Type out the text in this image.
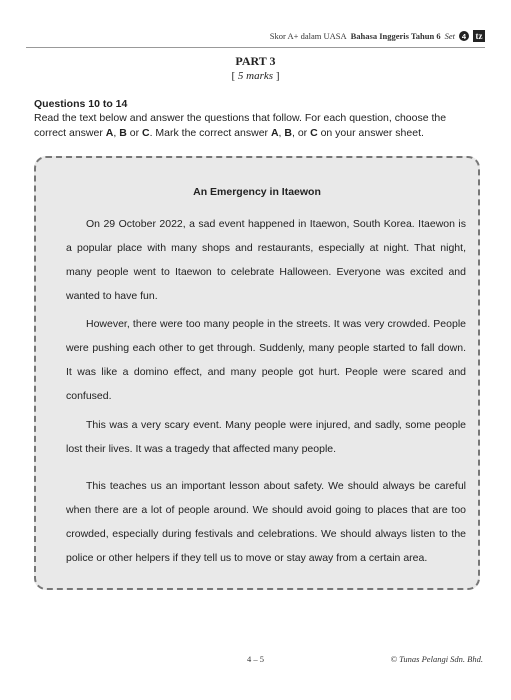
Skor A+ dalam UASA Bahasa Inggeris Tahun 6 Set 4	tz
PART 3
[ 5 marks ]
Questions 10 to 14
Read the text below and answer the questions that follow. For each question, choose the correct answer A, B or C. Mark the correct answer A, B, or C on your answer sheet.
An Emergency in Itaewon
On 29 October 2022, a sad event happened in Itaewon, South Korea. Itaewon is a popular place with many shops and restaurants, especially at night. That night, many people went to Itaewon to celebrate Halloween. Everyone was excited and wanted to have fun.
However, there were too many people in the streets. It was very crowded. People were pushing each other to get through. Suddenly, many people started to fall down. It was like a domino effect, and many people got hurt. People were scared and confused.
This was a very scary event. Many people were injured, and sadly, some people lost their lives. It was a tragedy that affected many people.
This teaches us an important lesson about safety. We should always be careful when there are a lot of people around. We should avoid going to places that are too crowded, especially during festivals and celebrations. We should always listen to the police or other helpers if they tell us to move or stay away from a certain area.
4 – 5	© Tunas Pelangi Sdn. Bhd.
